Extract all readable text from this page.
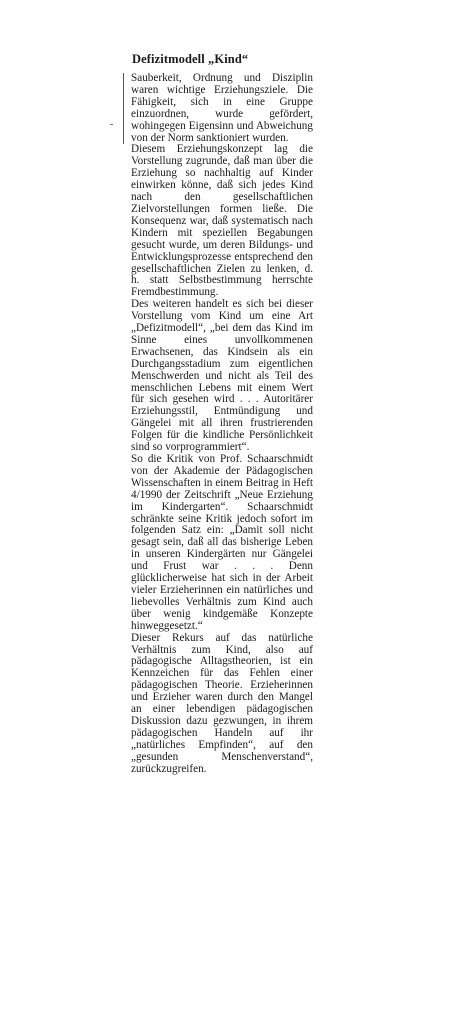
Defizitmodell „Kind“

Sauberkeit, Ordnung und Disziplin waren wichtige Erziehungsziele. Die Fähigkeit, sich in eine Gruppe einzuordnen, wurde gefördert, wohingegen Eigensinn und Abweichung von der Norm sanktioniert wurden.

Diesem Erziehungskonzept lag die Vorstellung zugrunde, daß man über die Erziehung so nachhaltig auf Kinder einwirken könne, daß sich jedes Kind nach den gesellschaftlichen Zielvorstellungen formen ließe. Die Konsequenz war, daß systematisch nach Kindern mit speziellen Begabungen gesucht wurde, um deren Bildungs- und Entwicklungsprozesse entsprechend den gesellschaftlichen Zielen zu lenken, d. h. statt Selbstbestimmung herrschte Fremdbestimmung.

Des weiteren handelt es sich bei dieser Vorstellung vom Kind um eine Art „Defizitmodell“, „bei dem das Kind im Sinne eines unvollkommenen Erwachsenen, das Kindsein als ein Durchgangsstadium zum eigentlichen Menschwerden und nicht als Teil des menschlichen Lebens mit einem Wert für sich gesehen wird . . . Autoritärer Erziehungsstil, Entmündigung und Gängelei mit all ihren frustrierenden Folgen für die kindliche Persönlichkeit sind so vorprogrammiert“.

So die Kritik von Prof. Schaarschmidt von der Akademie der Pädagogischen Wissenschaften in einem Beitrag in Heft 4/1990 der Zeitschrift „Neue Erziehung im Kindergarten“. Schaarschmidt schränkte seine Kritik jedoch sofort im folgenden Satz ein: „Damit soll nicht gesagt sein, daß all das bisherige Leben in unseren Kindergärten nur Gängelei und Frust war . . . Denn glücklicherweise hat sich in der Arbeit vieler Erzieherinnen ein natürliches und liebevolles Verhältnis zum Kind auch über wenig kindgemäße Konzepte hinweggesetzt.“

Dieser Rekurs auf das natürliche Verhältnis zum Kind, also auf pädagogische Alltagstheorien, ist ein Kennzeichen für das Fehlen einer pädagogischen Theorie. Erzieherinnen und Erzieher waren durch den Mangel an einer lebendigen pädagogischen Diskussion dazu gezwungen, in ihrem pädagogischen Handeln auf ihr „natürliches Empfinden“, auf den „gesunden Menschenverstand“, zurückzugreifen.
